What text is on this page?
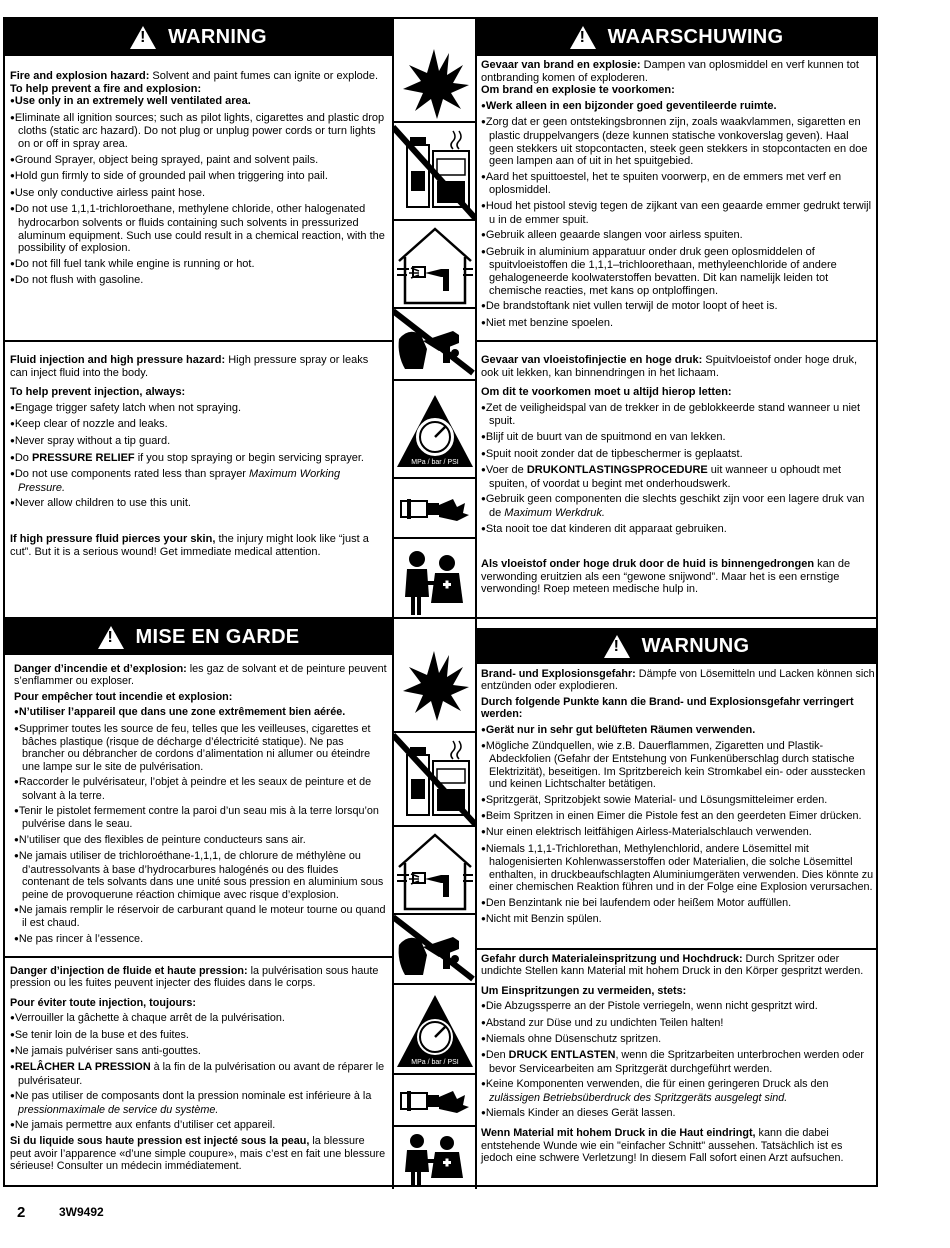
!
WARNING !	WAARSCHUWING
!
MISE EN GARDE !	WARNUNG

Fire and explosion hazard: Solvent and paint fumes can ignite or explode.

To help prevent a fire and explosion:

● Use only in an extremely well ventilated area.

● Eliminate all ignition sources; such as pilot lights, cigarettes and plastic drop cloths (static arc hazard). Do not plug or unplug power cords or turn lights on or off in spray area.

● Ground Sprayer, object being sprayed, paint and solvent pails.

● Hold gun firmly to side of grounded pail when triggering into pail.

● Use only conductive airless paint hose.

● Do not use 1,1,1-trichloroethane, methylene chloride, other halogenated hydrocarbon solvents or fluids containing such solvents in pressurized aluminum equipment. Such use could result in a chemical reaction, with the possibility of explosion.

● Do not fill fuel tank while engine is running or hot.

● Do not flush with gasoline.

Fluid injection and high pressure hazard: High pressure spray or leaks can inject fluid into the body.

To help prevent injection, always:

● Engage trigger safety latch when not spraying.

● Keep clear of nozzle and leaks.

● Never spray without a tip guard.

● Do PRESSURE RELIEF if you stop spraying or begin servicing sprayer.

● Do not use components rated less than sprayer Maximum Working Pressure.

● Never allow children to use this unit.

If high pressure fluid pierces your skin, the injury might look like “just a cut”. But it is a serious wound! Get immediate medical attention.

Gevaar van brand en explosie: Dampen van oplosmiddel en verf kunnen tot ontbranding komen of exploderen.

Om brand en explosie te voorkomen:

● Werk alleen in een bijzonder goed geventileerde ruimte.

● Zorg dat er geen ontstekingsbronnen zijn, zoals waakvlammen, sigaretten en plastic druppelvangers (deze kunnen statische vonkoverslag geven). Haal geen stekkers uit stopcontacten, steek geen stekkers in stopcontacten en doe geen lampen aan of uit in het spuitgebied.

● Aard het spuittoestel, het te spuiten voorwerp, en de emmers met verf en oplosmiddel.

● Houd het pistool stevig tegen de zijkant van een geaarde emmer gedrukt terwijl u in de emmer spuit.

● Gebruik alleen geaarde slangen voor airless spuiten.

● Gebruik in aluminium apparatuur onder druk geen oplosmiddelen of spuitvloeistoffen die 1,1,1–trichloorethaan, methyleenchloride of andere gehalogeneerde koolwaterstoffen bevatten. Dit kan namelijk leiden tot chemische reacties, met kans op ontploffingen.

● De brandstoftank niet vullen terwijl de motor loopt of heet is.

● Niet met benzine spoelen.

Gevaar van vloeistofinjectie en hoge druk: Spuitvloeistof onder hoge druk, ook uit lekken, kan binnendringen in het lichaam.

Om dit te voorkomen moet u altijd hierop letten:

● Zet de veiligheidspal van de trekker in de geblokkeerde stand wanneer u niet spuit.

● Blijf uit de buurt van de spuitmond en van lekken.

● Spuit nooit zonder dat de tipbeschermer is geplaatst.

● Voer de DRUKONTLASTINGSPROCEDURE uit wanneer u ophoudt met spuiten, of voordat u begint met onderhoudswerk.

● Gebruik geen componenten die slechts geschikt zijn voor een lagere druk van de Maximum Werkdruk.

● Sta nooit toe dat kinderen dit apparaat gebruiken.

Als vloeistof onder hoge druk door de huid is binnengedrongen kan de verwonding eruitzien als een “gewone snijwond”. Maar het is een ernstige verwonding! Roep meteen medische hulp in.

Danger d’incendie et d’explosion: les gaz de solvant et de peinture peuvent s’enflammer ou exploser.

Pour empêcher tout incendie et explosion:

● N’utiliser l’appareil que dans une zone extrêmement bien aérée.

● Supprimer toutes les source de feu, telles que les veilleuses, cigarettes et bâches plastique (risque de décharge d’électricité statique). Ne pas brancher ou débrancher de cordons d’alimentation ni allumer ou éteindre une lampe sur le site de pulvérisation.

● Raccorder le pulvérisateur, l’objet à peindre et les seaux de peinture et de solvant à la terre.

● Tenir le pistolet fermement contre la paroi d’un seau mis à la terre lorsqu’on pulvérise dans le seau.

● N’utiliser que des flexibles de peinture conducteurs sans air.

● Ne jamais utiliser de trichloroéthane-1,1,1, de chlorure de méthylène ou d’autressolvants à base d’hydrocarbures halogénés ou des fluides contenant de tels solvants dans une unité sous pression en aluminium sous peine de provoquerune réaction chimique avec risque d’explosion.

● Ne jamais remplir le réservoir de carburant quand le moteur tourne ou quand il est chaud.

● Ne pas rincer à l’essence.

Danger d’injection de fluide et haute pression: la pulvérisation sous haute pression ou les fuites peuvent injecter des fluides dans le corps.

Pour éviter toute injection, toujours:

● Verrouiller la gâchette à chaque arrêt de la pulvérisation.

● Se tenir loin de la buse et des fuites.

● Ne jamais pulvériser sans anti-gouttes.

● RELÂCHER LA PRESSION à la fin de la pulvérisation ou avant de réparer le pulvérisateur.

● Ne pas utiliser de composants dont la pression nominale est inférieure à la pressionmaximale de service du système.

● Ne jamais permettre aux enfants d’utiliser cet appareil.

Si du liquide sous haute pression est injecté sous la peau, la blessure peut avoir l’apparence «d’une simple coupure», mais c’est en fait une blessure sérieuse! Consulter un médecin immédiatement.

Brand- und Explosionsgefahr: Dämpfe von Lösemitteln und Lacken können sich entzünden oder explodieren.

Durch folgende Punkte kann die Brand- und Explosionsgefahr verringert werden:

● Gerät nur in sehr gut belüfteten Räumen verwenden.

● Mögliche Zündquellen, wie z.B. Dauerflammen, Zigaretten und Plastik-Abdeckfolien (Gefahr der Entstehung von Funkenüberschlag durch statische Elektrizität), beseitigen. Im Spritzbereich kein Stromkabel ein- oder ausstecken und keinen Lichtschalter betätigen.

● Spritzgerät, Spritzobjekt sowie Material- und Lösungsmitteleimer erden.

● Beim Spritzen in einen Eimer die Pistole fest an den geerdeten Eimer drücken.

● Nur einen elektrisch leitfähigen Airless-Materialschlauch verwenden.

● Niemals 1,1,1-Trichlorethan, Methylenchlorid, andere Lösemittel mit halogenisierten Kohlenwasserstoffen oder Materialien, die solche Lösemittel enthalten, in druckbeaufschlagten Aluminiumgeräten verwenden. Dies könnte zu einer chemischen Reaktion führen und in der Folge eine Explosion verursachen.

● Den Benzintank nie bei laufendem oder heißem Motor auffüllen.

● Nicht mit Benzin spülen.

Gefahr durch Materialeinspritzung und Hochdruck: Durch Spritzer oder undichte Stellen kann Material mit hohem Druck in den Körper gespritzt werden.

Um Einspritzungen zu vermeiden, stets:

● Die Abzugssperre an der Pistole verriegeln, wenn nicht gespritzt wird.

● Abstand zur Düse und zu undichten Teilen halten!

● Niemals ohne Düsenschutz spritzen.

● Den DRUCK ENTLASTEN, wenn die Spritzarbeiten unterbrochen werden oder bevor Servicearbeiten am Spritzgerät durchgeführt werden.

● Keine Komponenten verwenden, die für einen geringeren Druck als den zulässigen Betriebsüberdruck des Spritzgeräts ausgelegt sind.

● Niemals Kinder an dieses Gerät lassen.

Wenn Material mit hohem Druck in die Haut eindringt, kann die dabei entstehende Wunde wie ein "einfacher Schnitt" aussehen. Tatsächlich ist es jedoch eine schwere Verletzung! In diesem Fall sofort einen Arzt aufsuchen.

MPa / bar / PSI
MPa / bar / PSI
2	3W9492
